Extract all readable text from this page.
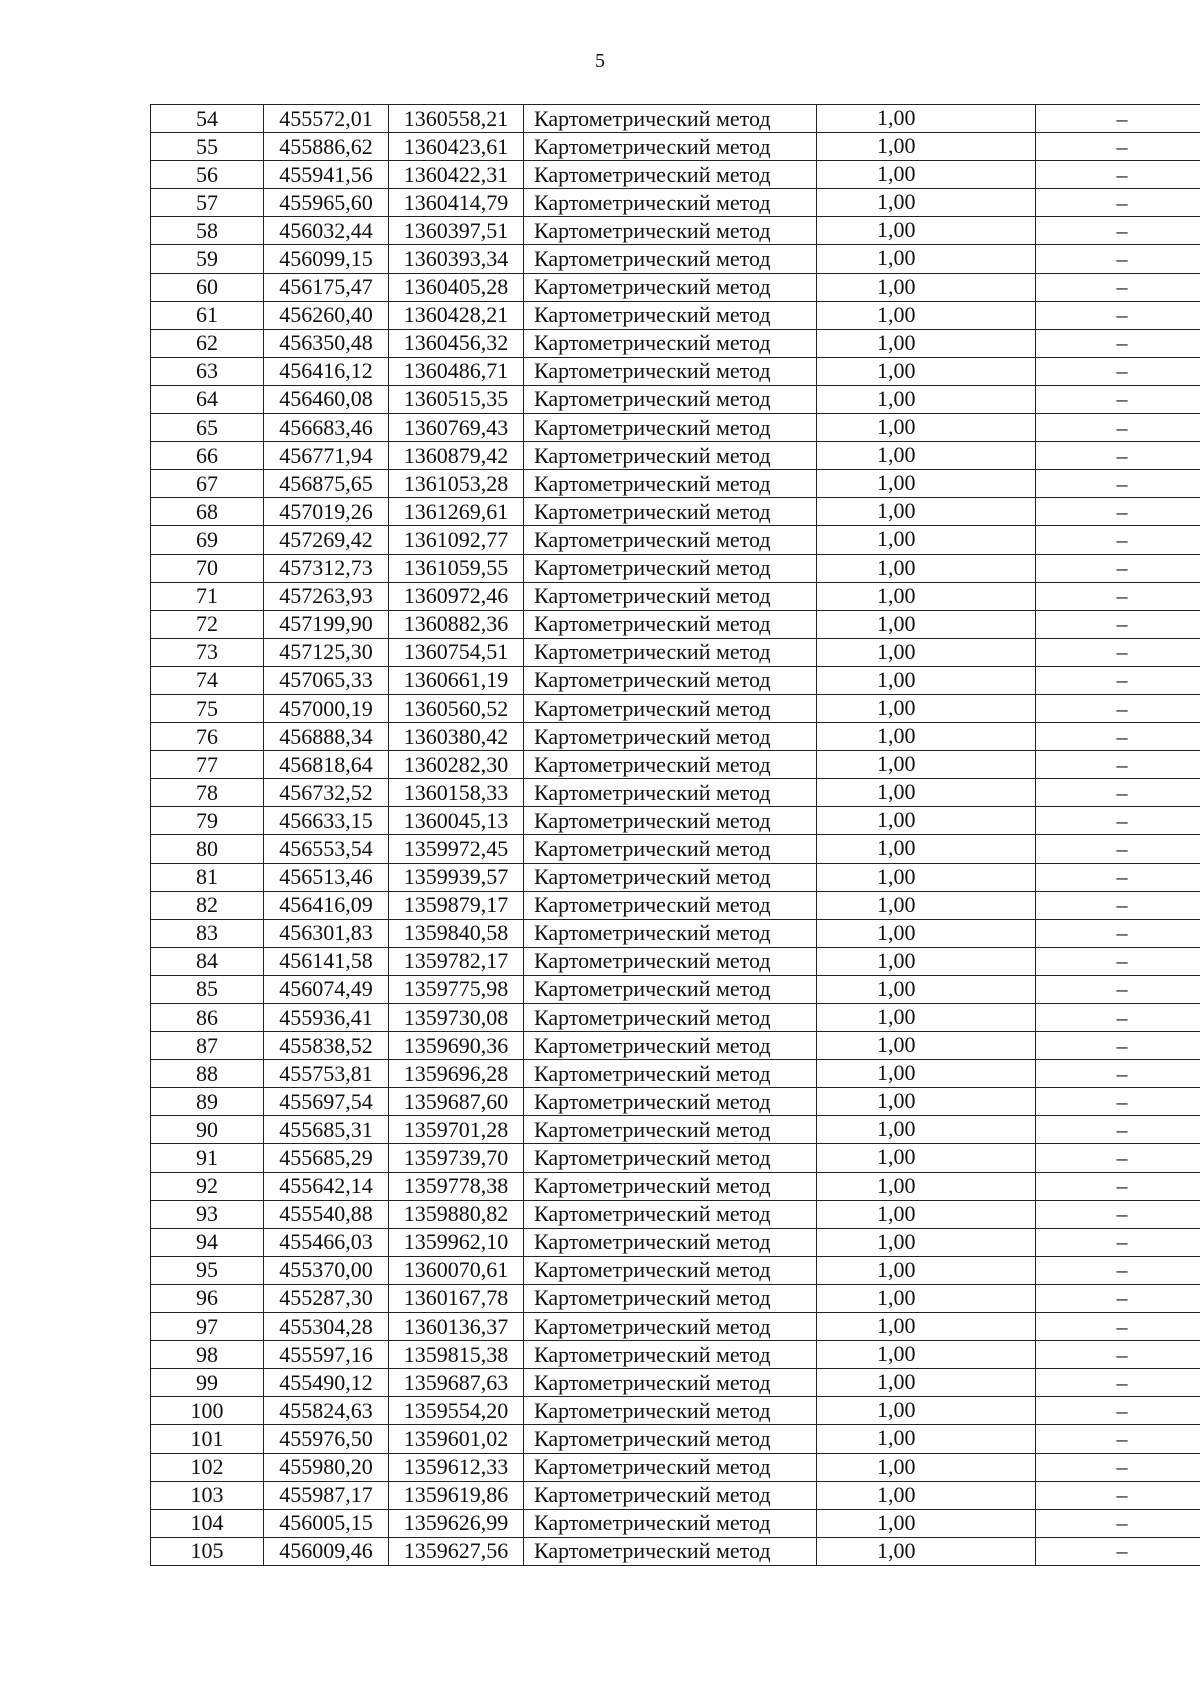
5
54	455572,01	1360558,21	Картометрический метод	1,00	–
55	455886,62	1360423,61	Картометрический метод	1,00	–
56	455941,56	1360422,31	Картометрический метод	1,00	–
57	455965,60	1360414,79	Картометрический метод	1,00	–
58	456032,44	1360397,51	Картометрический метод	1,00	–
59	456099,15	1360393,34	Картометрический метод	1,00	–
60	456175,47	1360405,28	Картометрический метод	1,00	–
61	456260,40	1360428,21	Картометрический метод	1,00	–
62	456350,48	1360456,32	Картометрический метод	1,00	–
63	456416,12	1360486,71	Картометрический метод	1,00	–
64	456460,08	1360515,35	Картометрический метод	1,00	–
65	456683,46	1360769,43	Картометрический метод	1,00	–
66	456771,94	1360879,42	Картометрический метод	1,00	–
67	456875,65	1361053,28	Картометрический метод	1,00	–
68	457019,26	1361269,61	Картометрический метод	1,00	–
69	457269,42	1361092,77	Картометрический метод	1,00	–
70	457312,73	1361059,55	Картометрический метод	1,00	–
71	457263,93	1360972,46	Картометрический метод	1,00	–
72	457199,90	1360882,36	Картометрический метод	1,00	–
73	457125,30	1360754,51	Картометрический метод	1,00	–
74	457065,33	1360661,19	Картометрический метод	1,00	–
75	457000,19	1360560,52	Картометрический метод	1,00	–
76	456888,34	1360380,42	Картометрический метод	1,00	–
77	456818,64	1360282,30	Картометрический метод	1,00	–
78	456732,52	1360158,33	Картометрический метод	1,00	–
79	456633,15	1360045,13	Картометрический метод	1,00	–
80	456553,54	1359972,45	Картометрический метод	1,00	–
81	456513,46	1359939,57	Картометрический метод	1,00	–
82	456416,09	1359879,17	Картометрический метод	1,00	–
83	456301,83	1359840,58	Картометрический метод	1,00	–
84	456141,58	1359782,17	Картометрический метод	1,00	–
85	456074,49	1359775,98	Картометрический метод	1,00	–
86	455936,41	1359730,08	Картометрический метод	1,00	–
87	455838,52	1359690,36	Картометрический метод	1,00	–
88	455753,81	1359696,28	Картометрический метод	1,00	–
89	455697,54	1359687,60	Картометрический метод	1,00	–
90	455685,31	1359701,28	Картометрический метод	1,00	–
91	455685,29	1359739,70	Картометрический метод	1,00	–
92	455642,14	1359778,38	Картометрический метод	1,00	–
93	455540,88	1359880,82	Картометрический метод	1,00	–
94	455466,03	1359962,10	Картометрический метод	1,00	–
95	455370,00	1360070,61	Картометрический метод	1,00	–
96	455287,30	1360167,78	Картометрический метод	1,00	–
97	455304,28	1360136,37	Картометрический метод	1,00	–
98	455597,16	1359815,38	Картометрический метод	1,00	–
99	455490,12	1359687,63	Картометрический метод	1,00	–
100	455824,63	1359554,20	Картометрический метод	1,00	–
101	455976,50	1359601,02	Картометрический метод	1,00	–
102	455980,20	1359612,33	Картометрический метод	1,00	–
103	455987,17	1359619,86	Картометрический метод	1,00	–
104	456005,15	1359626,99	Картометрический метод	1,00	–
105	456009,46	1359627,56	Картометрический метод	1,00	–
